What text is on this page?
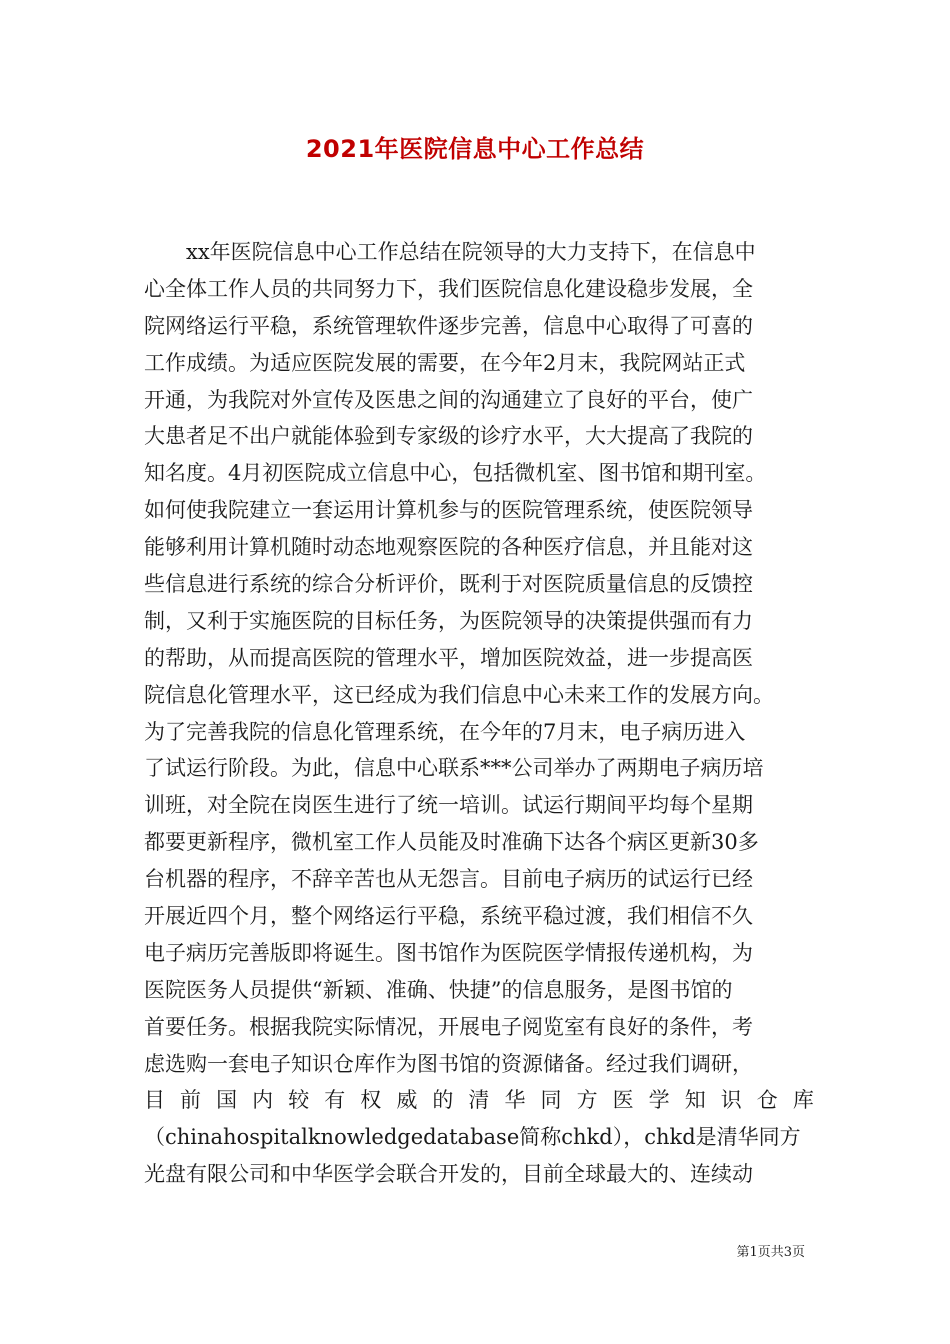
2021年医院信息中心工作总结
xx年医院信息中心工作总结在院领导的大力支持下，在信息中
心全体工作人员的共同努力下，我们医院信息化建设稳步发展，全
院网络运行平稳，系统管理软件逐步完善，信息中心取得了可喜的
工作成绩。为适应医院发展的需要，在今年2月末，我院网站正式
开通，为我院对外宣传及医患之间的沟通建立了良好的平台，使广
大患者足不出户就能体验到专家级的诊疗水平，大大提高了我院的
知名度。4月初医院成立信息中心，包括微机室、图书馆和期刊室。
如何使我院建立一套运用计算机参与的医院管理系统，使医院领导
能够利用计算机随时动态地观察医院的各种医疗信息，并且能对这
些信息进行系统的综合分析评价，既利于对医院质量信息的反馈控
制，又利于实施医院的目标任务，为医院领导的决策提供强而有力
的帮助，从而提高医院的管理水平，增加医院效益，进一步提高医
院信息化管理水平，这已经成为我们信息中心未来工作的发展方向。
为了完善我院的信息化管理系统，在今年的7月末，电子病历进入
了试运行阶段。为此，信息中心联系***公司举办了两期电子病历培
训班，对全院在岗医生进行了统一培训。试运行期间平均每个星期
都要更新程序，微机室工作人员能及时准确下达各个病区更新30多
台机器的程序，不辞辛苦也从无怨言。目前电子病历的试运行已经
开展近四个月，整个网络运行平稳，系统平稳过渡，我们相信不久
电子病历完善版即将诞生。图书馆作为医院医学情报传递机构，为
医院医务人员提供“新颖、准确、快捷”的信息服务，是图书馆的
首要任务。根据我院实际情况，开展电子阅览室有良好的条件，考
虑选购一套电子知识仓库作为图书馆的资源储备。经过我们调研，
目 前 国 内 较 有 权 威 的 清 华 同 方 医 学 知 识 仓 库
（chinahospitalknowledgedatabase简称chkd），chkd是清华同方
光盘有限公司和中华医学会联合开发的，目前全球最大的、连续动
第1页共3页
